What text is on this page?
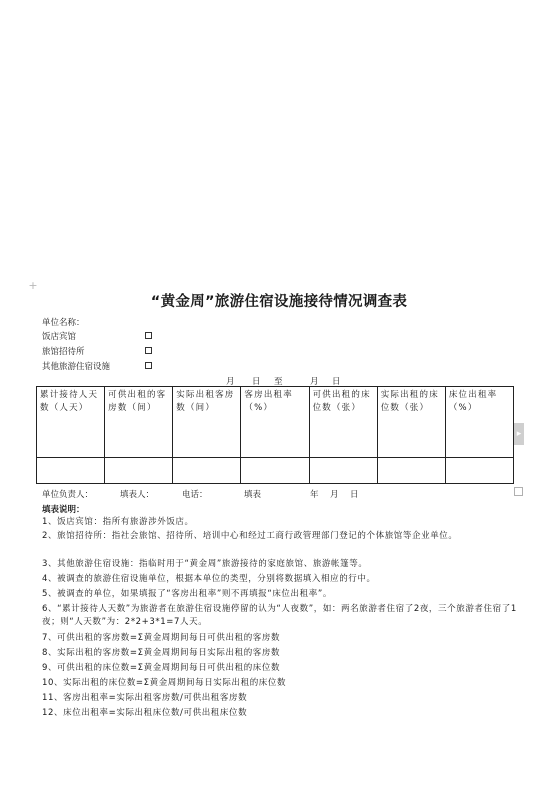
+
“黄金周”旅游住宿设施接待情况调查表
单位名称：
饭店宾馆
旅馆招待所
其他旅游住宿设施
月 日 至	月 日
累计接待人天数（人天）	可供出租的客房数（间）	实际出租客房数（间）	客房出租率（%）	可供出租的床位数（张）	实际出租的床位数（张）	床位出租率（%）

▸
单位负责人：	填表人：	电话：	填表	年 月 日
填表说明：
1、饭店宾馆：指所有旅游涉外饭店。
2、旅馆招待所：指社会旅馆、招待所、培训中心和经过工商行政管理部门登记的个体旅馆等企业单位。
3、其他旅游住宿设施：指临时用于“黄金周”旅游接待的家庭旅馆、旅游帐篷等。
4、被调查的旅游住宿设施单位，根据本单位的类型，分别将数据填入相应的行中。
5、被调查的单位，如果填报了“客房出租率”则不再填报“床位出租率”。
6、“累计接待人天数”为旅游者在旅游住宿设施停留的认为“人夜数”，如：两名旅游者住宿了2夜，三个旅游者住宿了1夜；则“人天数”为：2*2+3*1=7人天。
7、可供出租的客房数=Σ黄金周期间每日可供出租的客房数
8、实际出租的客房数=Σ黄金周期间每日实际出租的客房数
9、可供出租的床位数=Σ黄金周期间每日可供出租的床位数
10、实际出租的床位数=Σ黄金周期间每日实际出租的床位数
11、客房出租率=实际出租客房数/可供出租客房数
12、床位出租率=实际出租床位数/可供出租床位数
